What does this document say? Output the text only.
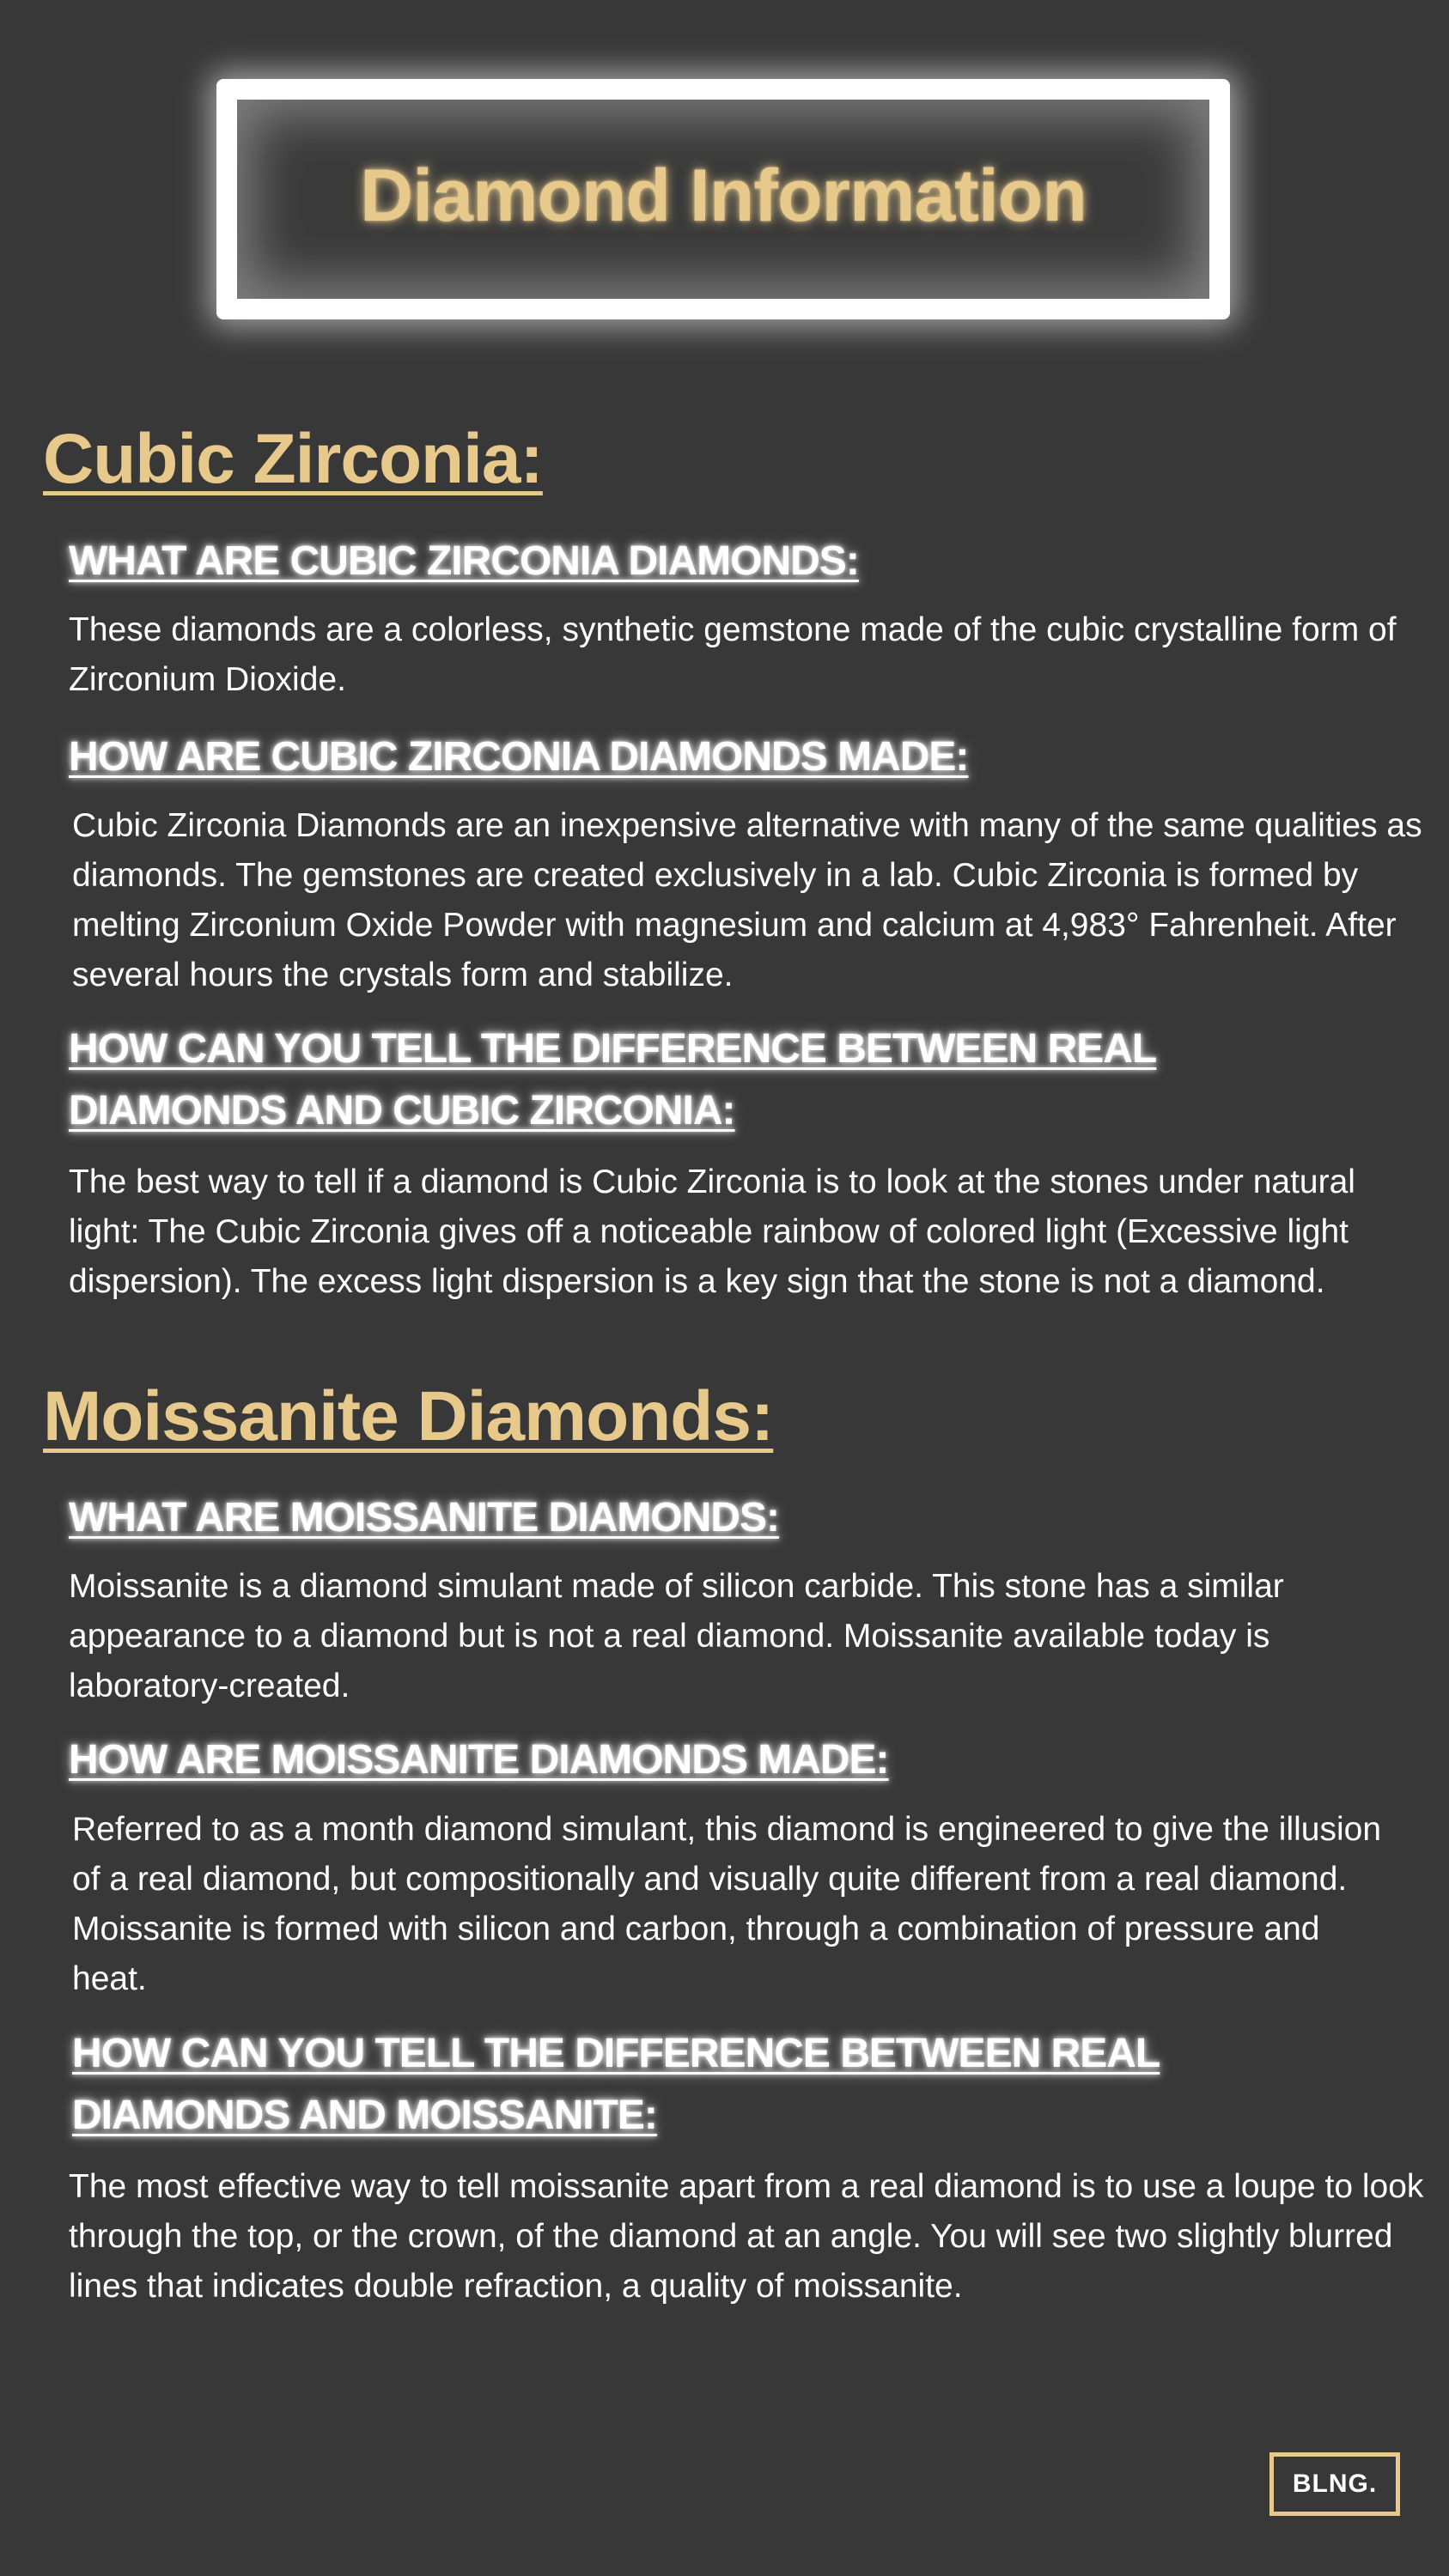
Diamond Information
Cubic Zirconia:
WHAT ARE CUBIC ZIRCONIA DIAMONDS:

These diamonds are a colorless, synthetic gemstone made of the cubic crystalline form of Zirconium Dioxide.

HOW ARE CUBIC ZIRCONIA DIAMONDS MADE:

Cubic Zirconia Diamonds are an inexpensive alternative with many of the same qualities as diamonds. The gemstones are created exclusively in a lab. Cubic Zirconia is formed by melting Zirconium Oxide Powder with magnesium and calcium at 4,983° Fahrenheit. After several hours the crystals form and stabilize.

HOW CAN YOU TELL THE DIFFERENCE BETWEEN REAL DIAMONDS AND CUBIC ZIRCONIA:

The best way to tell if a diamond is Cubic Zirconia is to look at the stones under natural light: The Cubic Zirconia gives off a noticeable rainbow of colored light (Excessive light dispersion). The excess light dispersion is a key sign that the stone is not a diamond.

Moissanite Diamonds:
WHAT ARE MOISSANITE DIAMONDS:

Moissanite is a diamond simulant made of silicon carbide. This stone has a similar appearance to a diamond but is not a real diamond. Moissanite available today is laboratory-created.

HOW ARE MOISSANITE DIAMONDS MADE:

Referred to as a month diamond simulant, this diamond is engineered to give the illusion of a real diamond, but compositionally and visually quite different from a real diamond. Moissanite is formed with silicon and carbon, through a combination of pressure and heat.

HOW CAN YOU TELL THE DIFFERENCE BETWEEN REAL DIAMONDS AND MOISSANITE:

The most effective way to tell moissanite apart from a real diamond is to use a loupe to look through the top, or the crown, of the diamond at an angle. You will see two slightly blurred lines that indicates double refraction, a quality of moissanite.

BLNG.
